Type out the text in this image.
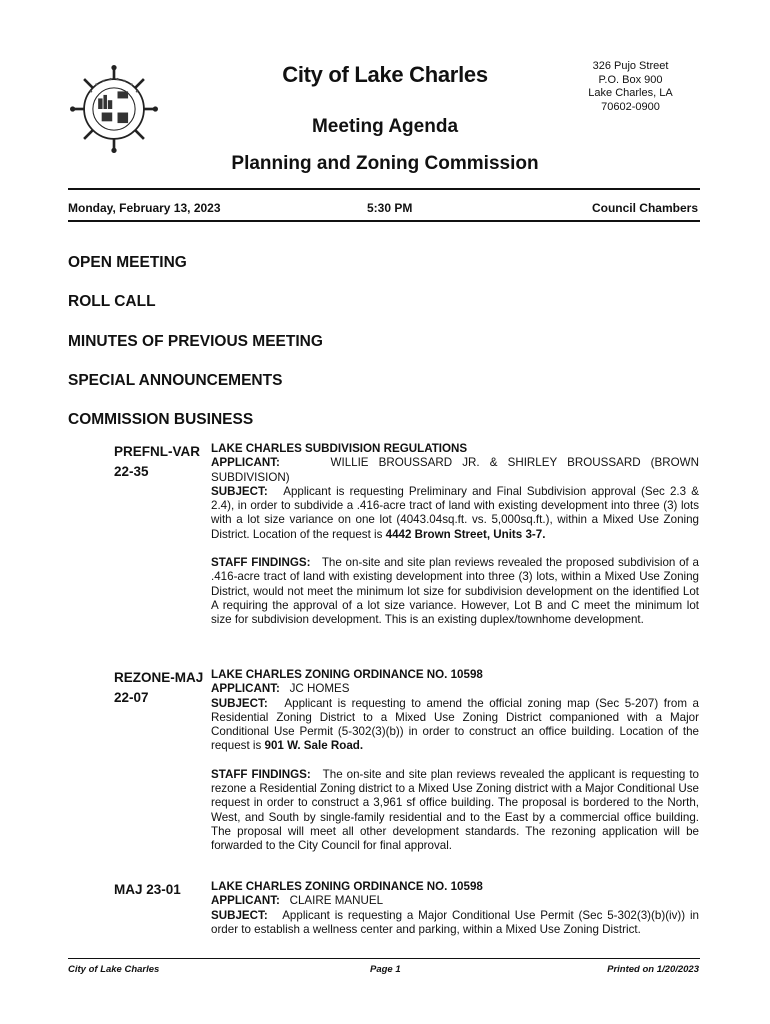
City of Lake Charles	326 Pujo Street
P.O. Box 900
Lake Charles, LA
70602-0900
Meeting Agenda
Planning and Zoning Commission
Monday, February 13, 2023	5:30 PM	Council Chambers
OPEN MEETING
ROLL CALL
MINUTES OF PREVIOUS MEETING
SPECIAL ANNOUNCEMENTS
COMMISSION BUSINESS
PREFNL-VAR
22-35

LAKE CHARLES SUBDIVISION REGULATIONS

APPLICANT:	WILLIE BROUSSARD JR. & SHIRLEY BROUSSARD (BROWN SUBDIVISION)

SUBJECT: Applicant is requesting Preliminary and Final Subdivision approval (Sec 2.3 & 2.4), in order to subdivide a .416-acre tract of land with existing development into three (3) lots with a lot size variance on one lot (4043.04sq.ft. vs. 5,000sq.ft.), within a Mixed Use Zoning District. Location of the request is 4442 Brown Street, Units 3-7.

STAFF FINDINGS: The on-site and site plan reviews revealed the proposed subdivision of a .416-acre tract of land with existing development into three (3) lots, within a Mixed Use Zoning District, would not meet the minimum lot size for subdivision development on the identified Lot A requiring the approval of a lot size variance. However, Lot B and C meet the minimum lot size for subdivision development. This is an existing duplex/townhome development.

REZONE-MAJ
22-07

LAKE CHARLES ZONING ORDINANCE NO. 10598

APPLICANT: JC HOMES

SUBJECT: Applicant is requesting to amend the official zoning map (Sec 5-207) from a Residential Zoning District to a Mixed Use Zoning District companioned with a Major Conditional Use Permit (5-302(3)(b)) in order to construct an office building. Location of the request is 901 W. Sale Road.

STAFF FINDINGS: The on-site and site plan reviews revealed the applicant is requesting to rezone a Residential Zoning district to a Mixed Use Zoning district with a Major Conditional Use request in order to construct a 3,961 sf office building. The proposal is bordered to the North, West, and South by single-family residential and to the East by a commercial office building. The proposal will meet all other development standards. The rezoning application will be forwarded to the City Council for final approval.

MAJ 23-01	LAKE CHARLES ZONING ORDINANCE NO. 10598

APPLICANT: CLAIRE MANUEL

SUBJECT: Applicant is requesting a Major Conditional Use Permit (Sec 5-302(3)(b)(iv)) in order to establish a wellness center and parking, within a Mixed Use Zoning District.

City of Lake Charles	Page 1	Printed on 1/20/2023
